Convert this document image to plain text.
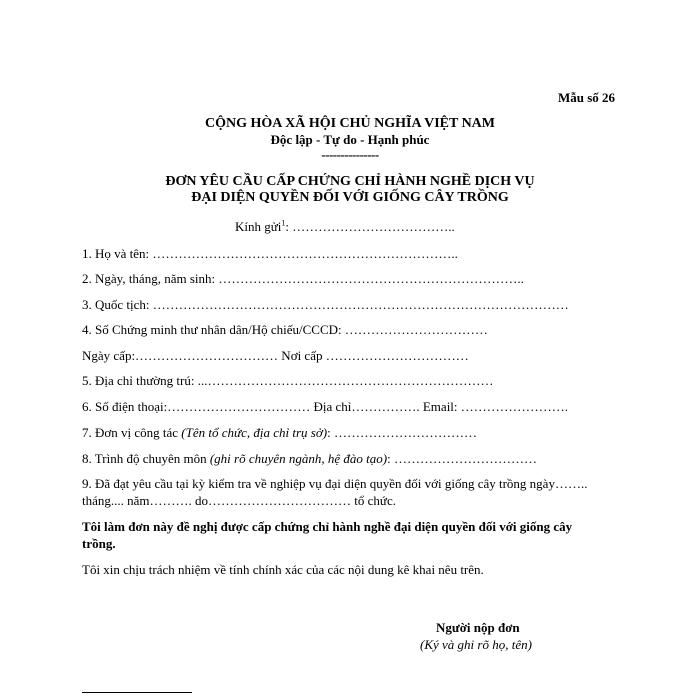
Mẫu số 26
CỘNG HÒA XÃ HỘI CHỦ NGHĨA VIỆT NAM
Độc lập - Tự do - Hạnh phúc
---------------
ĐƠN YÊU CẦU CẤP CHỨNG CHỈ HÀNH NGHỀ DỊCH VỤ
ĐẠI DIỆN QUYỀN ĐỐI VỚI GIỐNG CÂY TRỒNG
Kính gửi$^1$: ………………………………..
1. Họ và tên: ……………………………………………………………..
2. Ngày, tháng, năm sinh: ……………………………………………………………..
3. Quốc tịch: ……………………………………………………………………………………
4. Số Chứng minh thư nhân dân/Hộ chiếu/CCCD: ……………………………
Ngày cấp:…………………………… Nơi cấp ……………………………
5. Địa chỉ thường trú: ...…………………………………………………………
6. Số điện thoại:…………………………… Địa chỉ……………. Email: …………………….
7. Đơn vị công tác (Tên tổ chức, địa chỉ trụ sở): ……………………………
8. Trình độ chuyên môn (ghi rõ chuyên ngành, hệ đào tạo): ……………………………
9. Đã đạt yêu cầu tại kỳ kiểm tra về nghiệp vụ đại diện quyền đối với giống cây trồng ngày……..
tháng.... năm………. do…………………………… tổ chức.
Tôi làm đơn này đề nghị được cấp chứng chỉ hành nghề đại diện quyền đối với giống cây
trồng.
Tôi xin chịu trách nhiệm về tính chính xác của các nội dung kê khai nêu trên.
Người nộp đơn
(Ký và ghi rõ họ, tên)
